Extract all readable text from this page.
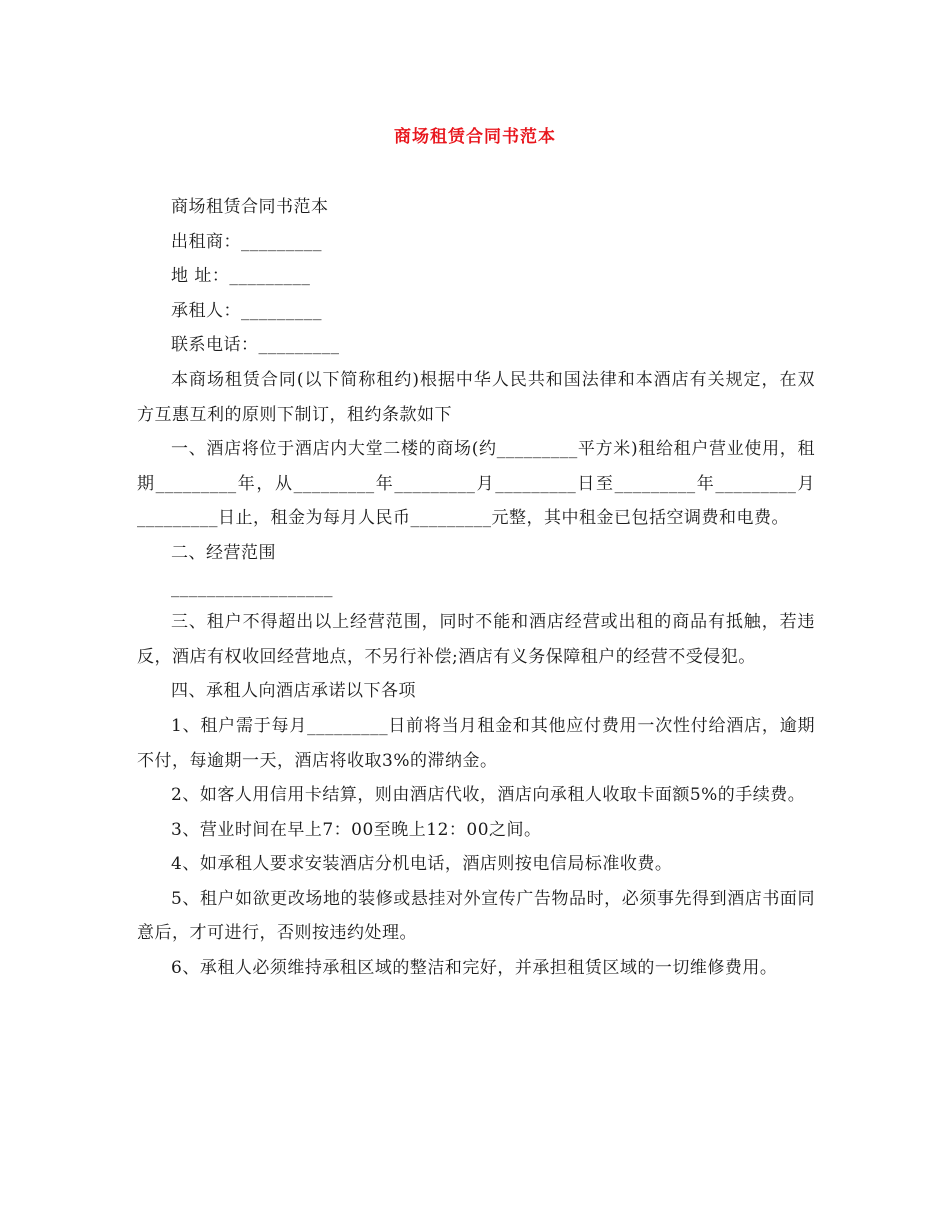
商场租赁合同书范本

商场租赁合同书范本

出租商：_________

地 址：_________

承租人：_________

联系电话：_________

本商场租赁合同(以下简称租约)根据中华人民共和国法律和本酒店有关规定，在双方互惠互利的原则下制订，租约条款如下

一、酒店将位于酒店内大堂二楼的商场(约_________平方米)租给租户营业使用，租期_________年，从_________年_________月_________日至_________年_________月_________日止，租金为每月人民币_________元整，其中租金已包括空调费和电费。

二、经营范围

__________________

三、租户不得超出以上经营范围，同时不能和酒店经营或出租的商品有抵触，若违反，酒店有权收回经营地点，不另行补偿;酒店有义务保障租户的经营不受侵犯。

四、承租人向酒店承诺以下各项

1、租户需于每月_________日前将当月租金和其他应付费用一次性付给酒店，逾期不付，每逾期一天，酒店将收取3%的滞纳金。

2、如客人用信用卡结算，则由酒店代收，酒店向承租人收取卡面额5%的手续费。

3、营业时间在早上7：00至晚上12：00之间。

4、如承租人要求安装酒店分机电话，酒店则按电信局标准收费。

5、租户如欲更改场地的装修或悬挂对外宣传广告物品时，必须事先得到酒店书面同意后，才可进行，否则按违约处理。

6、承租人必须维持承租区域的整洁和完好，并承担租赁区域的一切维修费用。
